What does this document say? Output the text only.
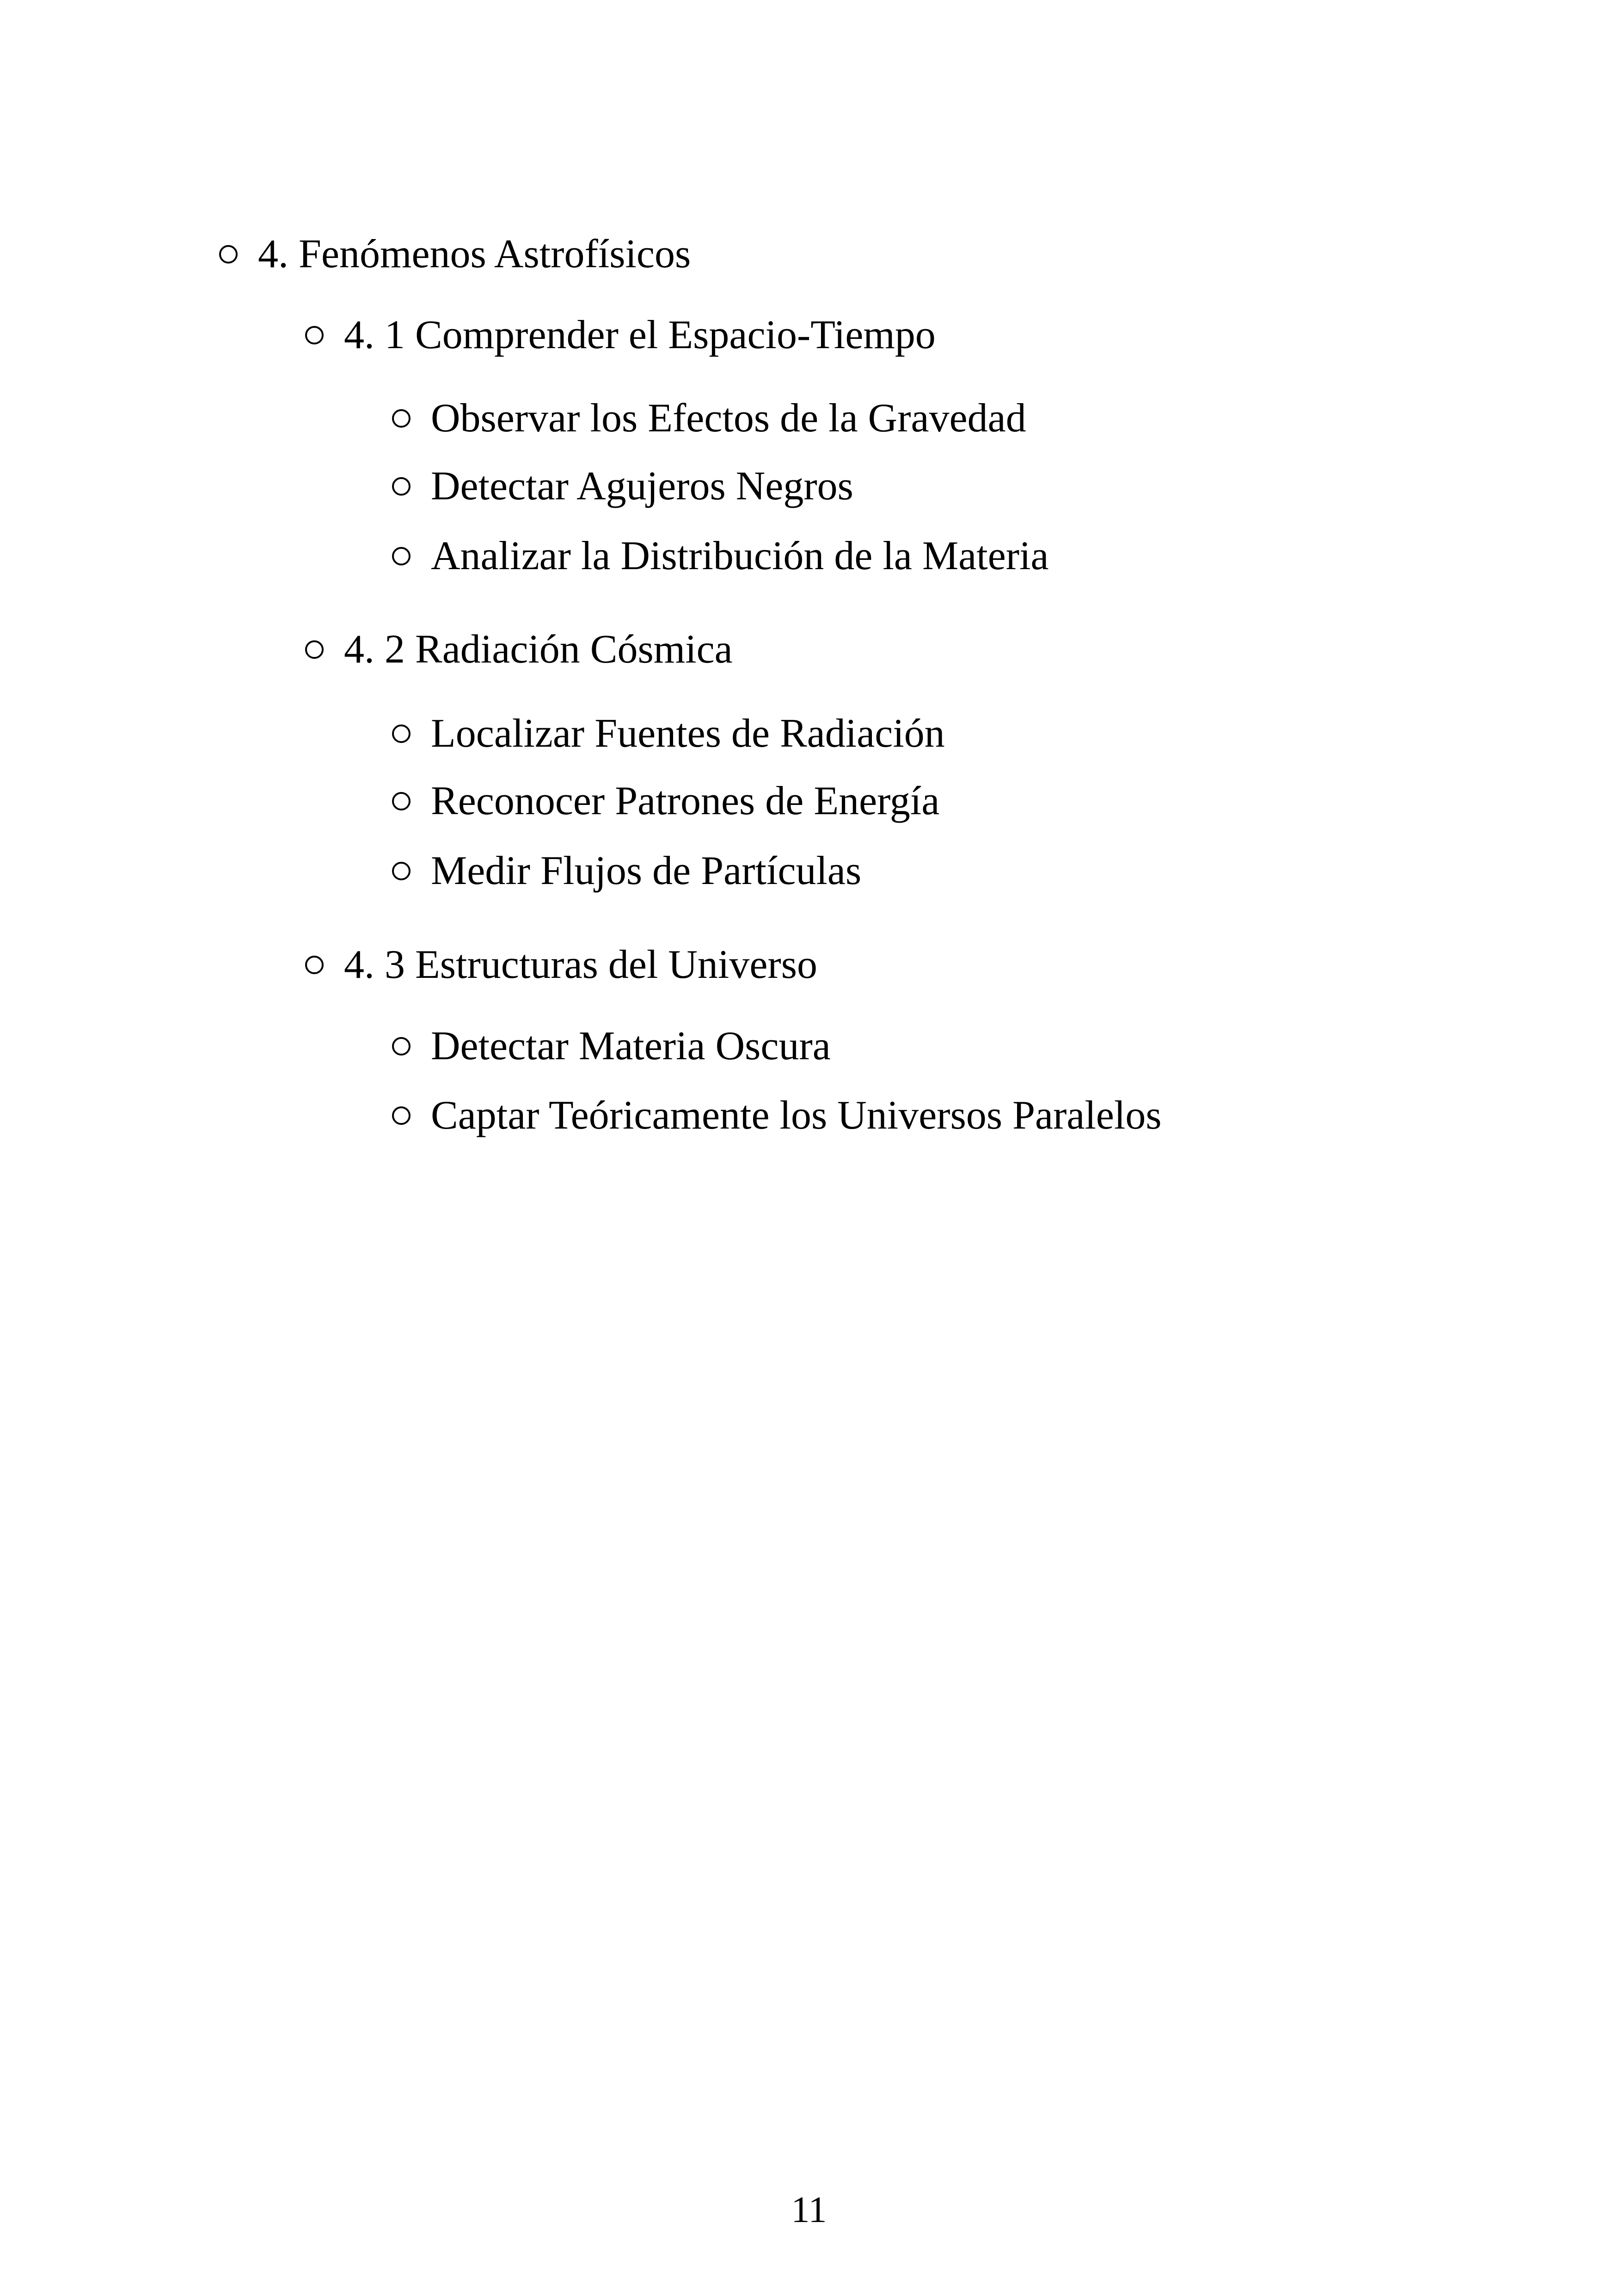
4. Fenómenos Astrofísicos
4. 1 Comprender el Espacio-Tiempo
Observar los Efectos de la Gravedad
Detectar Agujeros Negros
Analizar la Distribución de la Materia
4. 2 Radiación Cósmica
Localizar Fuentes de Radiación
Reconocer Patrones de Energía
Medir Flujos de Partículas
4. 3 Estructuras del Universo
Detectar Materia Oscura
Captar Teóricamente los Universos Paralelos
11
